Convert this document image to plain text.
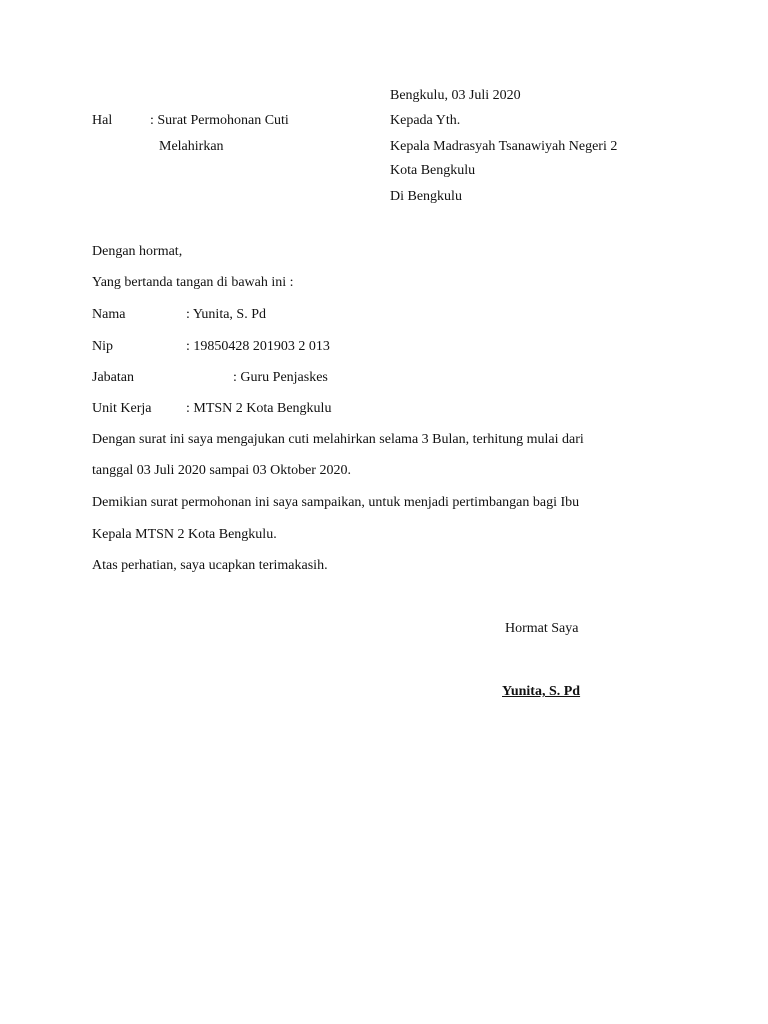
Bengkulu, 03 Juli 2020
Hal	: Surat Permohonan Cuti
Melahirkan
Kepada Yth.
Kepala Madrasyah Tsanawiyah Negeri 2
Kota Bengkulu
Di Bengkulu
Dengan hormat,
Yang bertanda tangan di bawah ini :
Nama	: Yunita, S. Pd
Nip	: 19850428 201903 2 013
Jabatan	: Guru Penjaskes
Unit Kerja : MTSN 2 Kota Bengkulu
Dengan surat ini saya mengajukan cuti melahirkan selama 3 Bulan, terhitung mulai dari
tanggal 03 Juli 2020 sampai 03 Oktober 2020.
Demikian surat permohonan ini saya sampaikan, untuk menjadi pertimbangan bagi Ibu
Kepala MTSN 2 Kota Bengkulu.
Atas perhatian, saya ucapkan terimakasih.
Hormat Saya
Yunita, S. Pd
